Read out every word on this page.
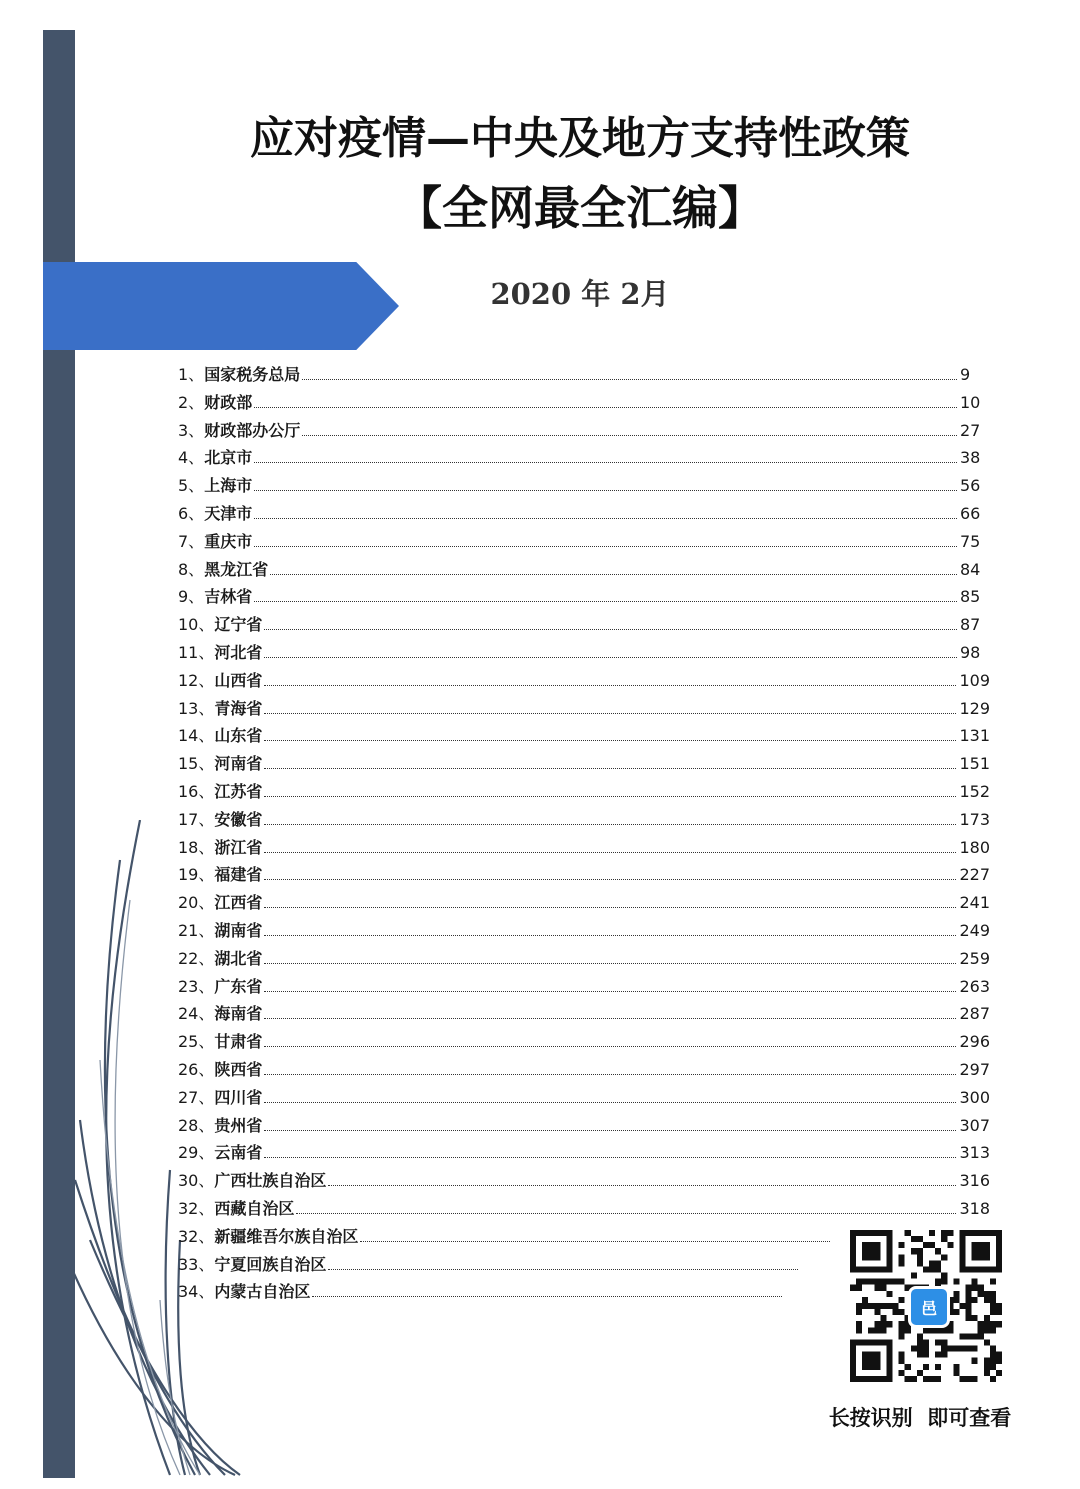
应对疫情—中央及地方支持性政策
【全网最全汇编】
2020 年 2月
1、 国家税务总局	9
2、 财政部	10
3、 财政部办公厅	27
4、 北京市	38
5、 上海市	56
6、 天津市	66
7、 重庆市	75
8、 黑龙江省	84
9、 吉林省	85
10、 辽宁省	87
11、 河北省	98
12、 山西省	109
13、 青海省	129
14、 山东省	131
15、 河南省	151
16、 江苏省	152
17、 安徽省	173
18、 浙江省	180
19、 福建省	227
20、 江西省	241
21、 湖南省	249
22、 湖北省	259
23、 广东省	263
24、 海南省	287
25、 甘肃省	296
26、 陕西省	297
27、 四川省	300
28、 贵州省	307
29、 云南省	313
30、 广西壮族自治区	316
32、 西藏自治区	318
32、 新疆维吾尔族自治区
33、 宁夏回族自治区
34、 内蒙古自治区
邑
长按识别  即可查看
